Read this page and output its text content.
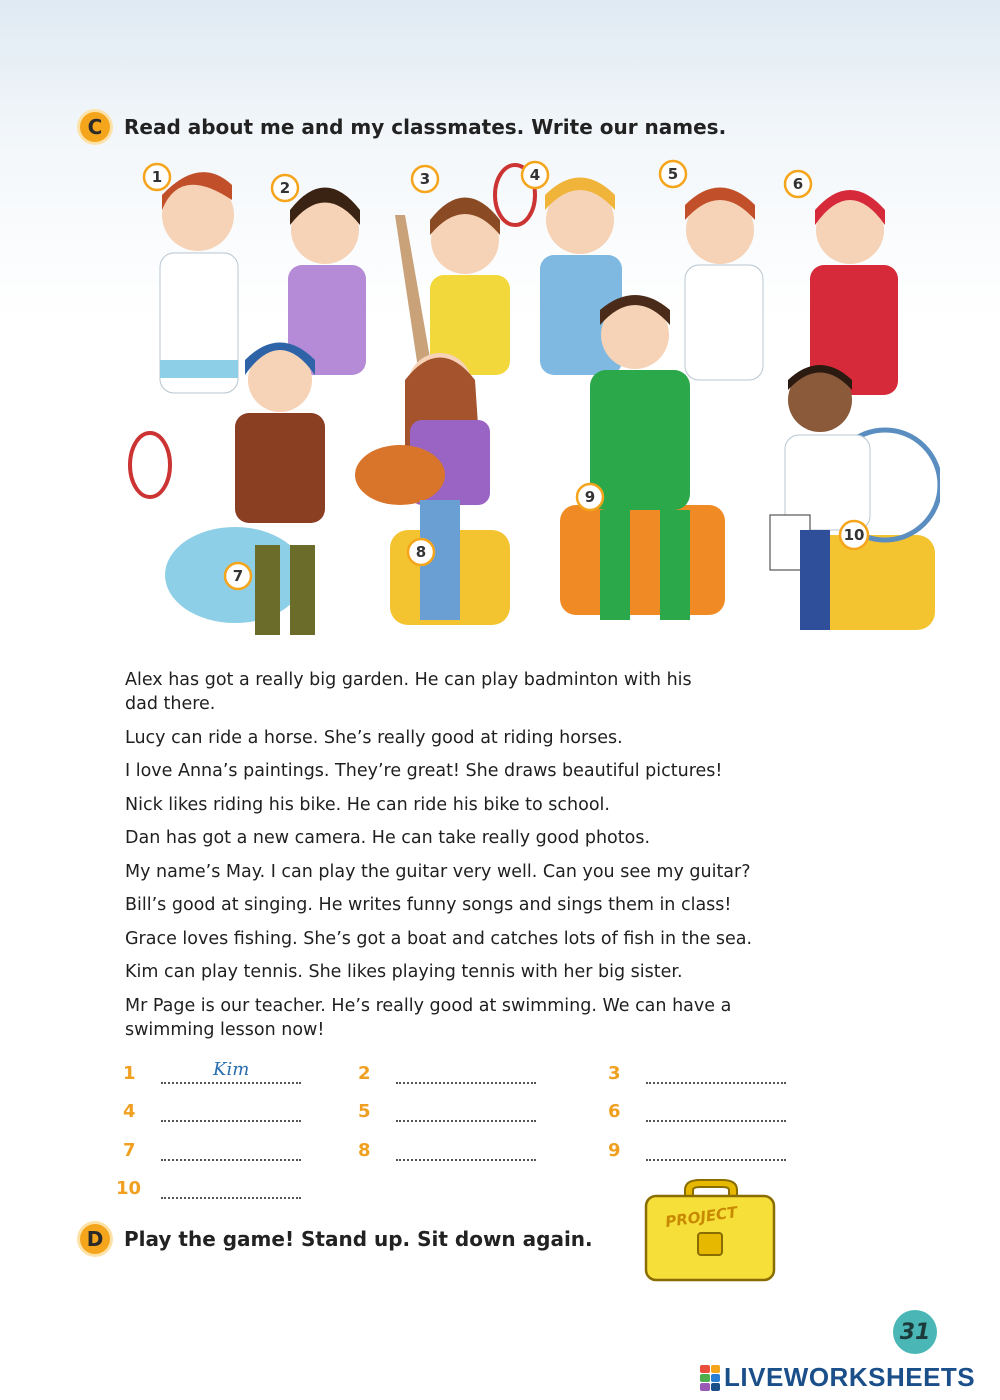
C	Read about me and my classmates. Write our names.
1
2	3	4	5
6
7
8
9
10

Alex has got a really big garden. He can play badminton with his dad there.

Lucy can ride a horse. She’s really good at riding horses.

I love Anna’s paintings. They’re great! She draws beautiful pictures!

Nick likes riding his bike. He can ride his bike to school.

Dan has got a new camera. He can take really good photos.

My name’s May. I can play the guitar very well. Can you see my guitar?

Bill’s good at singing. He writes funny songs and sings them in class!

Grace loves fishing. She’s got a boat and catches lots of fish in the sea.

Kim can play tennis. She likes playing tennis with her big sister.

Mr Page is our teacher. He’s really good at swimming. We can have a swimming lesson now!

1	Kim	2	3
4	5	6
7	8	9
10
D	Play the game! Stand up. Sit down again.
PROJECT
31
LIVEWORKSHEETS
